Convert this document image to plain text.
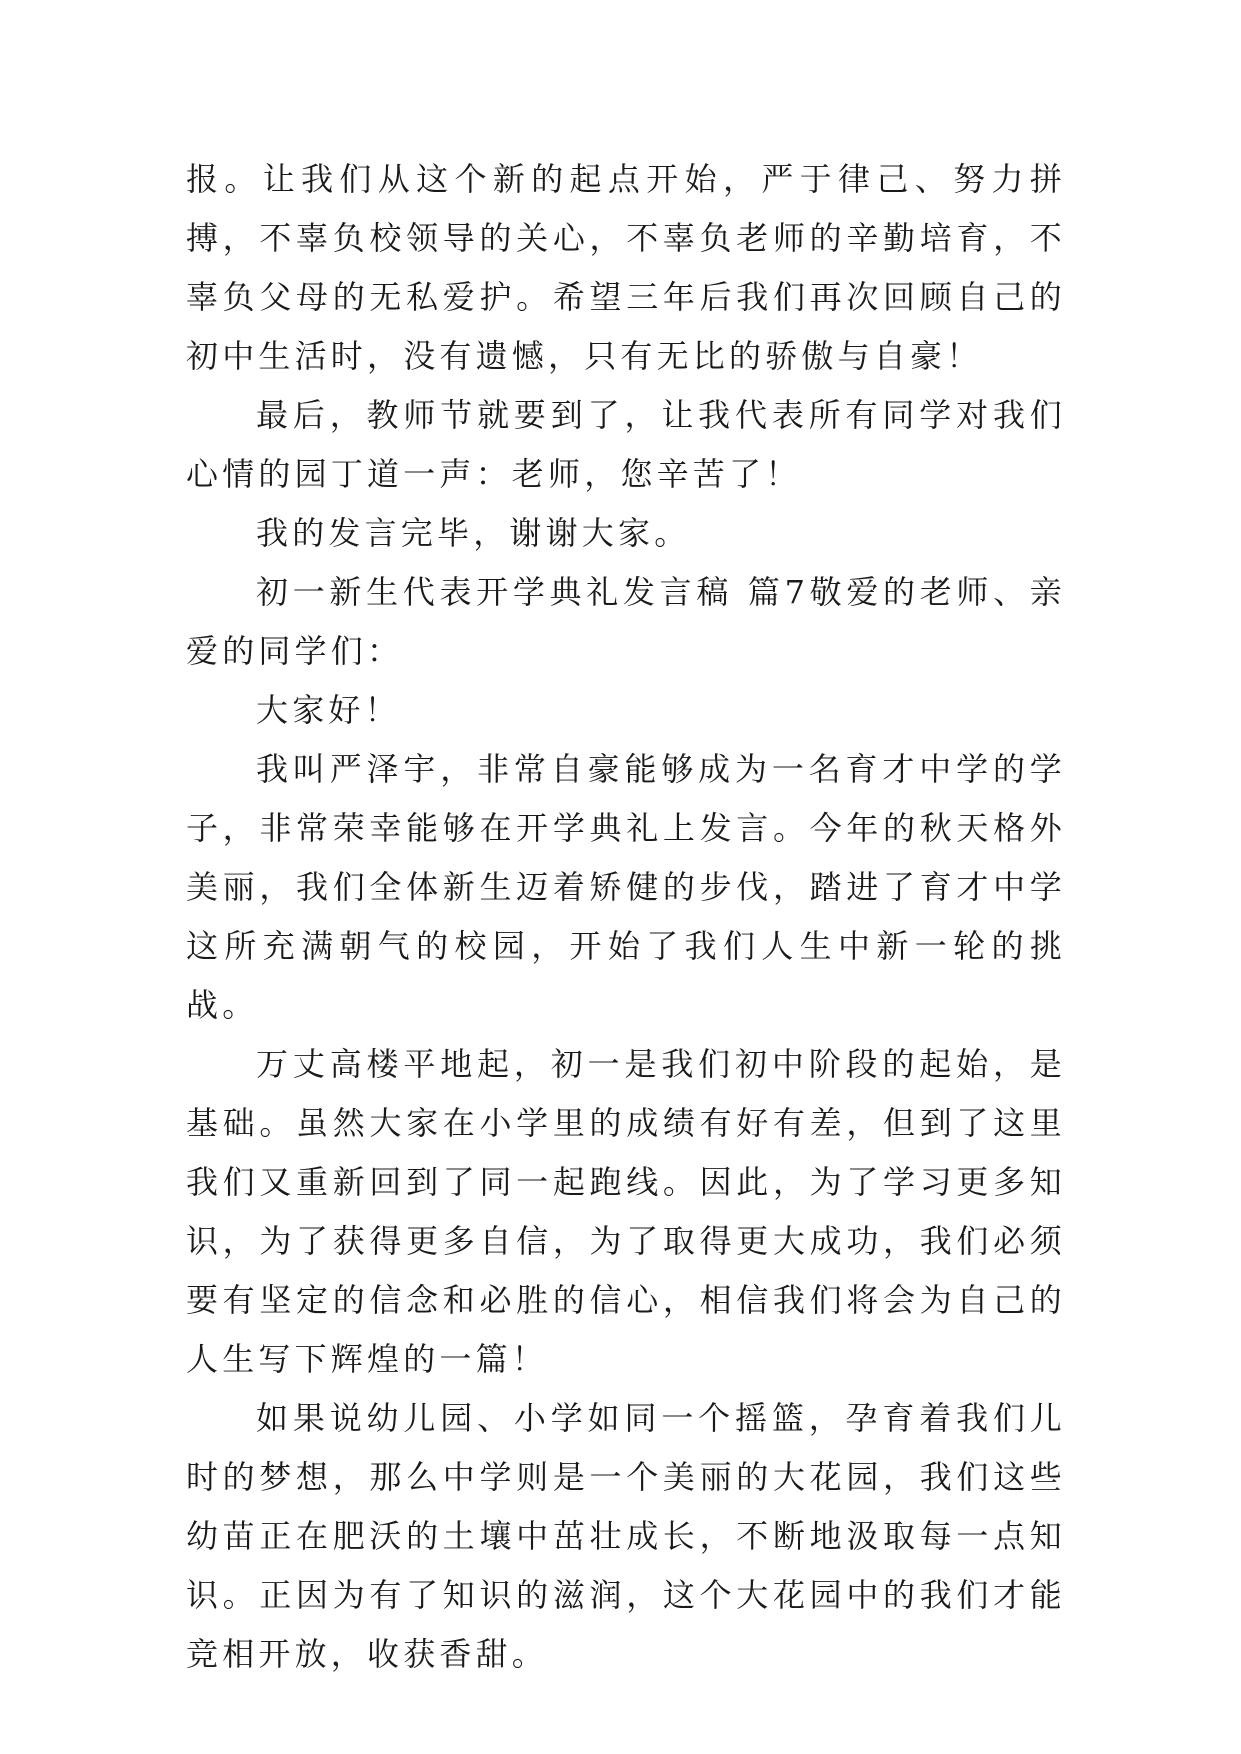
报。让我们从这个新的起点开始，严于律己、努力拼搏，不辜负校领导的关心，不辜负老师的辛勤培育，不辜负父母的无私爱护。希望三年后我们再次回顾自己的初中生活时，没有遗憾，只有无比的骄傲与自豪！

最后，教师节就要到了，让我代表所有同学对我们心情的园丁道一声：老师，您辛苦了！

我的发言完毕，谢谢大家。

初一新生代表开学典礼发言稿 篇7敬爱的老师、亲爱的同学们：

大家好！

我叫严泽宇，非常自豪能够成为一名育才中学的学子，非常荣幸能够在开学典礼上发言。今年的秋天格外美丽，我们全体新生迈着矫健的步伐，踏进了育才中学这所充满朝气的校园，开始了我们人生中新一轮的挑战。

万丈高楼平地起，初一是我们初中阶段的起始，是基础。虽然大家在小学里的成绩有好有差，但到了这里我们又重新回到了同一起跑线。因此，为了学习更多知识，为了获得更多自信，为了取得更大成功，我们必须要有坚定的信念和必胜的信心，相信我们将会为自己的人生写下辉煌的一篇！

如果说幼儿园、小学如同一个摇篮，孕育着我们儿时的梦想，那么中学则是一个美丽的大花园，我们这些幼苗正在肥沃的土壤中茁壮成长，不断地汲取每一点知识。正因为有了知识的滋润，这个大花园中的我们才能竞相开放，收获香甜。
